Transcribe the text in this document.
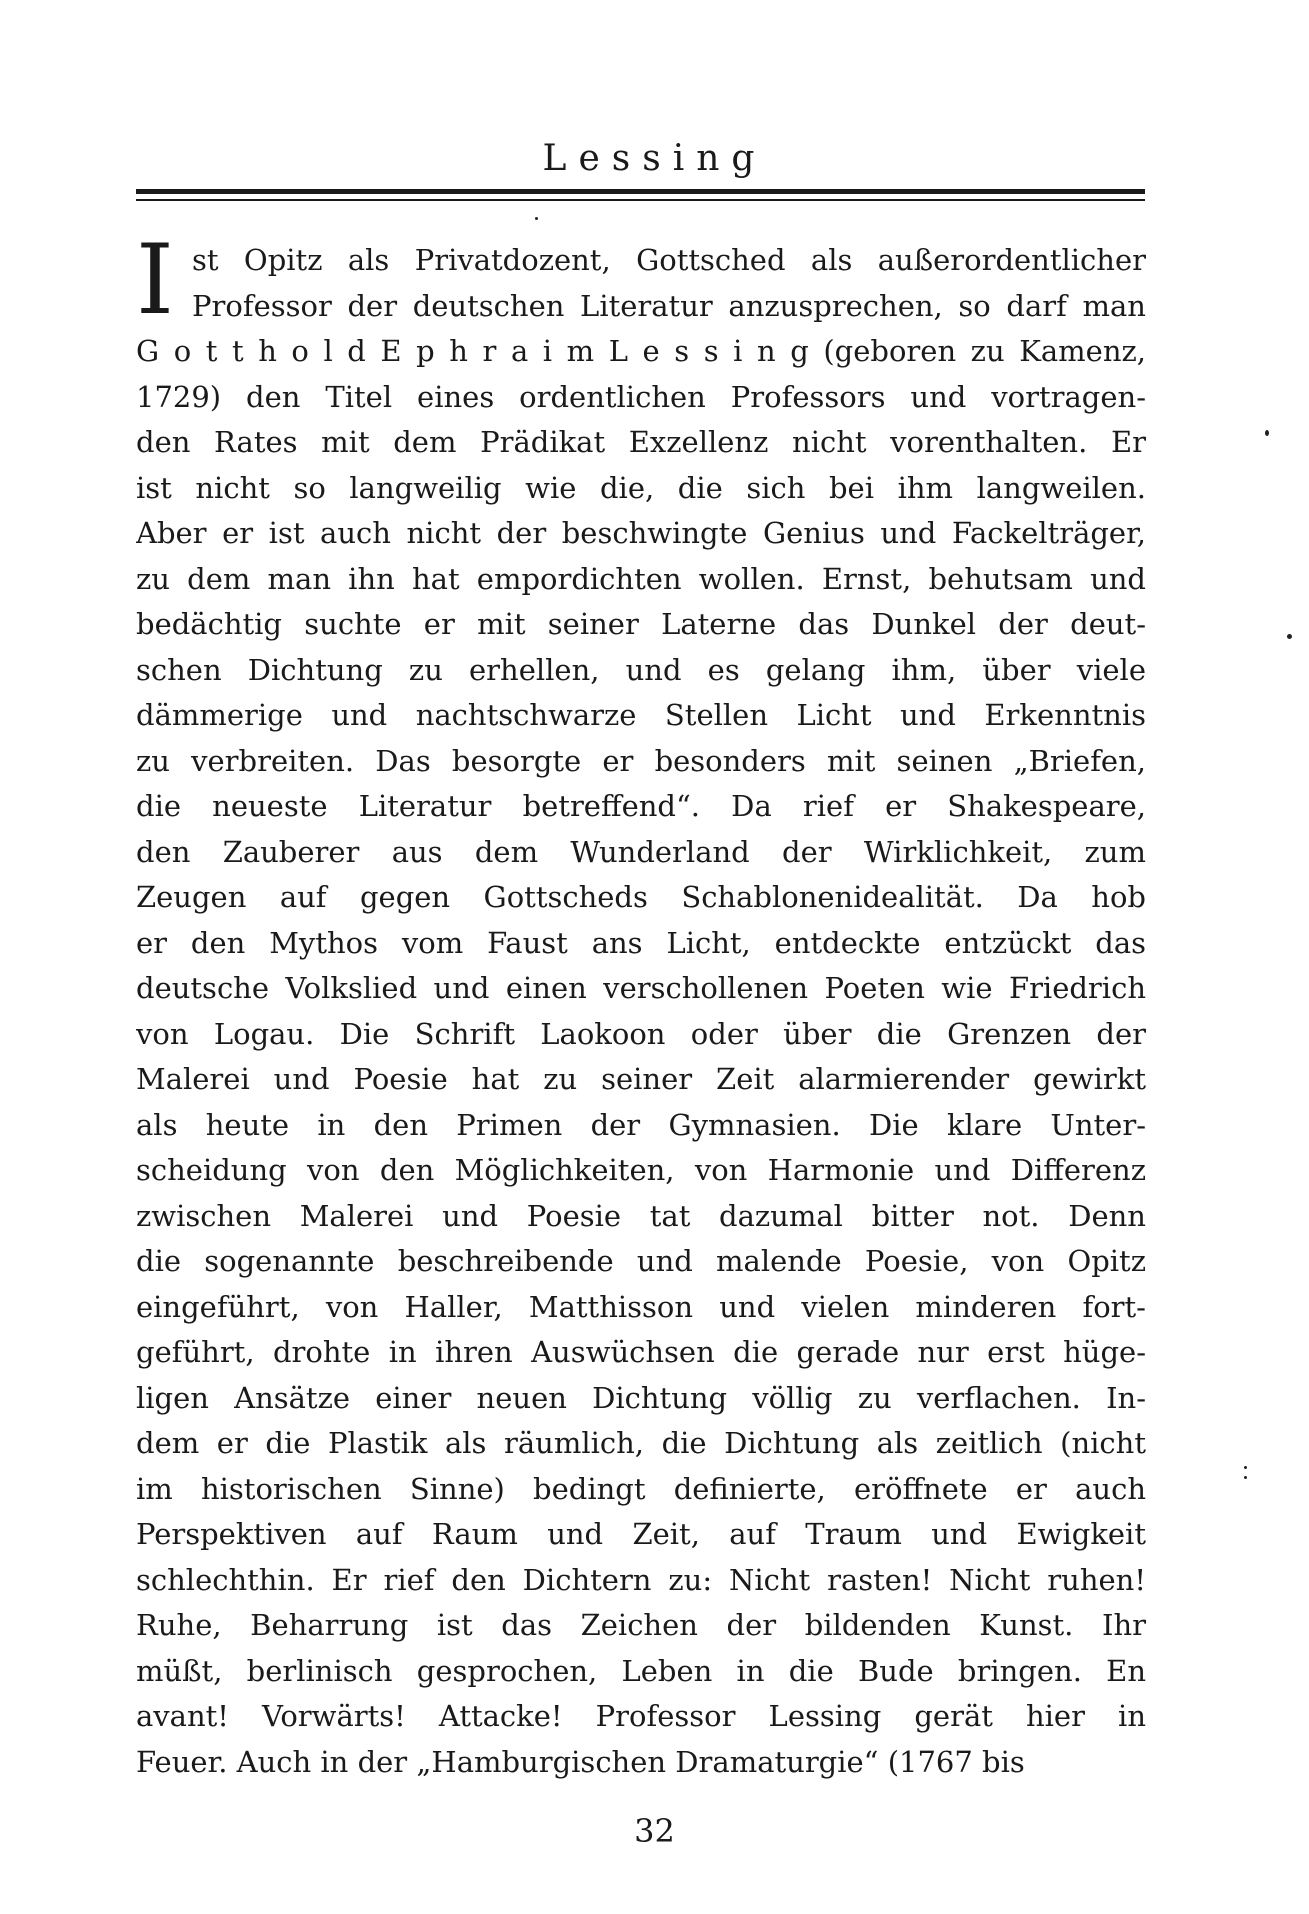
Lessing
I st Opitz als Privatdozent, Gottsched als außerordentlicher
Professor der deutschen Literatur anzusprechen, so darf man
G o t t h o l d E p h r a i m L e s s i n g (geboren zu Kamenz,
1729) den Titel eines ordentlichen Professors und vortragen-
den Rates mit dem Prädikat Exzellenz nicht vorenthalten. Er
ist nicht so langweilig wie die, die sich bei ihm langweilen.
Aber er ist auch nicht der beschwingte Genius und Fackelträger,
zu dem man ihn hat empordichten wollen. Ernst, behutsam und
bedächtig suchte er mit seiner Laterne das Dunkel der deut-
schen Dichtung zu erhellen, und es gelang ihm, über viele
dämmerige und nachtschwarze Stellen Licht und Erkenntnis
zu verbreiten. Das besorgte er besonders mit seinen „Briefen,
die neueste Literatur betreffend“. Da rief er Shakespeare,
den Zauberer aus dem Wunderland der Wirklichkeit, zum
Zeugen auf gegen Gottscheds Schablonenidealität. Da hob
er den Mythos vom Faust ans Licht, entdeckte entzückt das
deutsche Volkslied und einen verschollenen Poeten wie Friedrich
von Logau. Die Schrift Laokoon oder über die Grenzen der
Malerei und Poesie hat zu seiner Zeit alarmierender gewirkt
als heute in den Primen der Gymnasien. Die klare Unter-
scheidung von den Möglichkeiten, von Harmonie und Differenz
zwischen Malerei und Poesie tat dazumal bitter not. Denn
die sogenannte beschreibende und malende Poesie, von Opitz
eingeführt, von Haller, Matthisson und vielen minderen fort-
geführt, drohte in ihren Auswüchsen die gerade nur erst hüge-
ligen Ansätze einer neuen Dichtung völlig zu verflachen. In-
dem er die Plastik als räumlich, die Dichtung als zeitlich (nicht
im historischen Sinne) bedingt definierte, eröffnete er auch
Perspektiven auf Raum und Zeit, auf Traum und Ewigkeit
schlechthin. Er rief den Dichtern zu: Nicht rasten! Nicht ruhen!
Ruhe, Beharrung ist das Zeichen der bildenden Kunst. Ihr
müßt, berlinisch gesprochen, Leben in die Bude bringen. En
avant! Vorwärts! Attacke! Professor Lessing gerät hier in
Feuer. Auch in der „Hamburgischen Dramaturgie“ (1767 bis
32
